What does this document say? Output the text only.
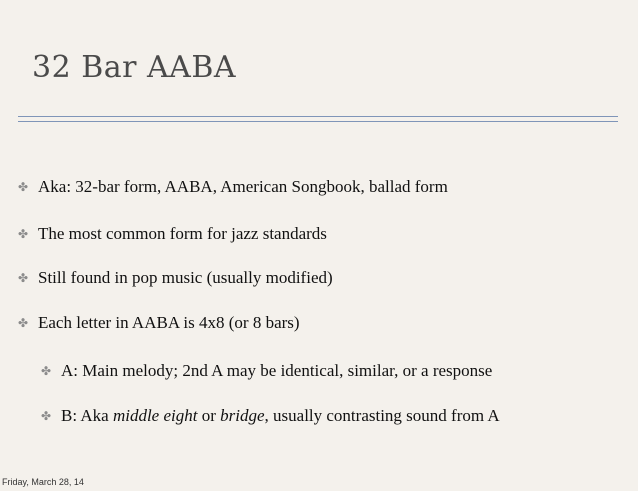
32 Bar AABA
✤ Aka: 32-bar form, AABA, American Songbook, ballad form
✤ The most common form for jazz standards
✤ Still found in pop music (usually modified)
✤ Each letter in AABA is 4x8 (or 8 bars)
✤ A: Main melody; 2nd A may be identical, similar, or a response
✤ B: Aka middle eight or bridge, usually contrasting sound from A
Friday, March 28, 14
